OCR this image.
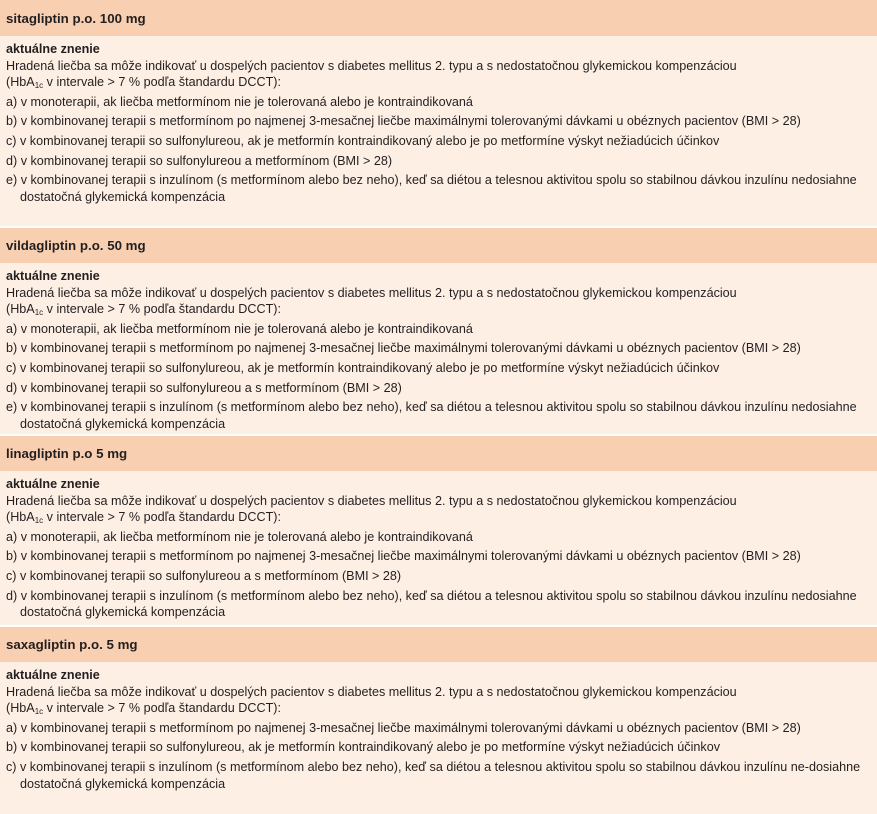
sitagliptin p.o. 100 mg
aktuálne znenie
Hradená liečba sa môže indikovať u dospelých pacientov s diabetes mellitus 2. typu a s nedostatočnou glykemickou kompenzáciou
(HbA$_{1c}$ v intervale > 7 % podľa štandardu DCCT):
a) v monoterapii, ak liečba metformínom nie je tolerovaná alebo je kontraindikovaná
b) v kombinovanej terapii s metformínom po najmenej 3-mesačnej liečbe maximálnymi tolerovanými dávkami u obéznych pacientov (BMI > 28)
c) v kombinovanej terapii so sulfonylureou, ak je metformín kontraindikovaný alebo je po metformíne výskyt nežiadúcich účinkov
d) v kombinovanej terapii so sulfonylureou a metformínom (BMI > 28)
e) v kombinovanej terapii s inzulínom (s metformínom alebo bez neho), keď sa diétou a telesnou aktivitou spolu so stabilnou dávkou inzulínu nedosiahne dostatočná glykemická kompenzácia
vildagliptin p.o. 50 mg
aktuálne znenie
Hradená liečba sa môže indikovať u dospelých pacientov s diabetes mellitus 2. typu a s nedostatočnou glykemickou kompenzáciou
(HbA$_{1c}$ v intervale > 7 % podľa štandardu DCCT):
a) v monoterapii, ak liečba metformínom nie je tolerovaná alebo je kontraindikovaná
b) v kombinovanej terapii s metformínom po najmenej 3-mesačnej liečbe maximálnymi tolerovanými dávkami u obéznych pacientov (BMI > 28)
c) v kombinovanej terapii so sulfonylureou, ak je metformín kontraindikovaný alebo je po metformíne výskyt nežiadúcich účinkov
d) v kombinovanej terapii so sulfonylureou a s metformínom (BMI > 28)
e) v kombinovanej terapii s inzulínom (s metformínom alebo bez neho), keď sa diétou a telesnou aktivitou spolu so stabilnou dávkou inzulínu nedosiahne dostatočná glykemická kompenzácia
linagliptin p.o 5 mg
aktuálne znenie
Hradená liečba sa môže indikovať u dospelých pacientov s diabetes mellitus 2. typu a s nedostatočnou glykemickou kompenzáciou
(HbA$_{1c}$ v intervale > 7 % podľa štandardu DCCT):
a) v monoterapii, ak liečba metformínom nie je tolerovaná alebo je kontraindikovaná
b) v kombinovanej terapii s metformínom po najmenej 3-mesačnej liečbe maximálnymi tolerovanými dávkami u obéznych pacientov (BMI > 28)
c) v kombinovanej terapii so sulfonylureou a s metformínom (BMI > 28)
d) v kombinovanej terapii s inzulínom (s metformínom alebo bez neho), keď sa diétou a telesnou aktivitou spolu so stabilnou dávkou inzulínu nedosiahne dostatočná glykemická kompenzácia
saxagliptin p.o. 5 mg
aktuálne znenie
Hradená liečba sa môže indikovať u dospelých pacientov s diabetes mellitus 2. typu a s nedostatočnou glykemickou kompenzáciou
(HbA$_{1c}$ v intervale > 7 % podľa štandardu DCCT):
a) v kombinovanej terapii s metformínom po najmenej 3-mesačnej liečbe maximálnymi tolerovanými dávkami u obéznych pacientov (BMI > 28)
b) v kombinovanej terapii so sulfonylureou, ak je metformín kontraindikovaný alebo je po metformíne výskyt nežiadúcich účinkov
c) v kombinovanej terapii s inzulínom (s metformínom alebo bez neho), keď sa diétou a telesnou aktivitou spolu so stabilnou dávkou inzulínu ne-dosiahne dostatočná glykemická kompenzácia
